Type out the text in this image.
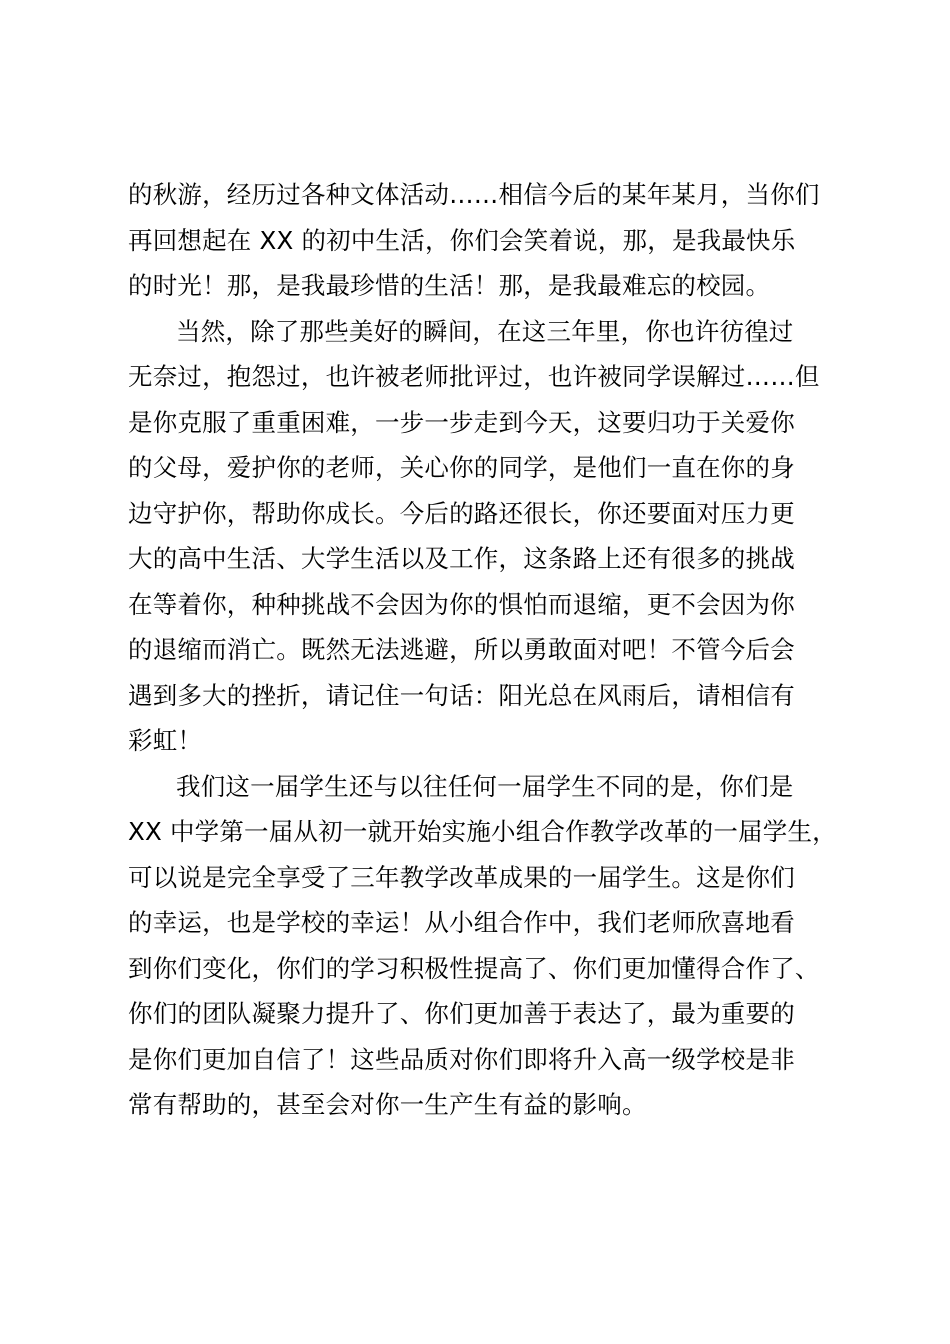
的秋游，经历过各种文体活动……相信今后的某年某月，当你们
再回想起在 XX 的初中生活，你们会笑着说，那，是我最快乐
的时光！那，是我最珍惜的生活！那，是我最难忘的校园。
当然，除了那些美好的瞬间，在这三年里，你也许彷徨过
无奈过，抱怨过，也许被老师批评过，也许被同学误解过……但
是你克服了重重困难，一步一步走到今天，这要归功于关爱你
的父母，爱护你的老师，关心你的同学，是他们一直在你的身
边守护你，帮助你成长。今后的路还很长，你还要面对压力更
大的高中生活、大学生活以及工作，这条路上还有很多的挑战
在等着你，种种挑战不会因为你的惧怕而退缩，更不会因为你
的退缩而消亡。既然无法逃避，所以勇敢面对吧！不管今后会
遇到多大的挫折，请记住一句话：阳光总在风雨后，请相信有
彩虹！
我们这一届学生还与以往任何一届学生不同的是，你们是
XX 中学第一届从初一就开始实施小组合作教学改革的一届学生，
可以说是完全享受了三年教学改革成果的一届学生。这是你们
的幸运，也是学校的幸运！从小组合作中，我们老师欣喜地看
到你们变化，你们的学习积极性提高了、你们更加懂得合作了、
你们的团队凝聚力提升了、你们更加善于表达了，最为重要的
是你们更加自信了！这些品质对你们即将升入高一级学校是非
常有帮助的，甚至会对你一生产生有益的影响。
